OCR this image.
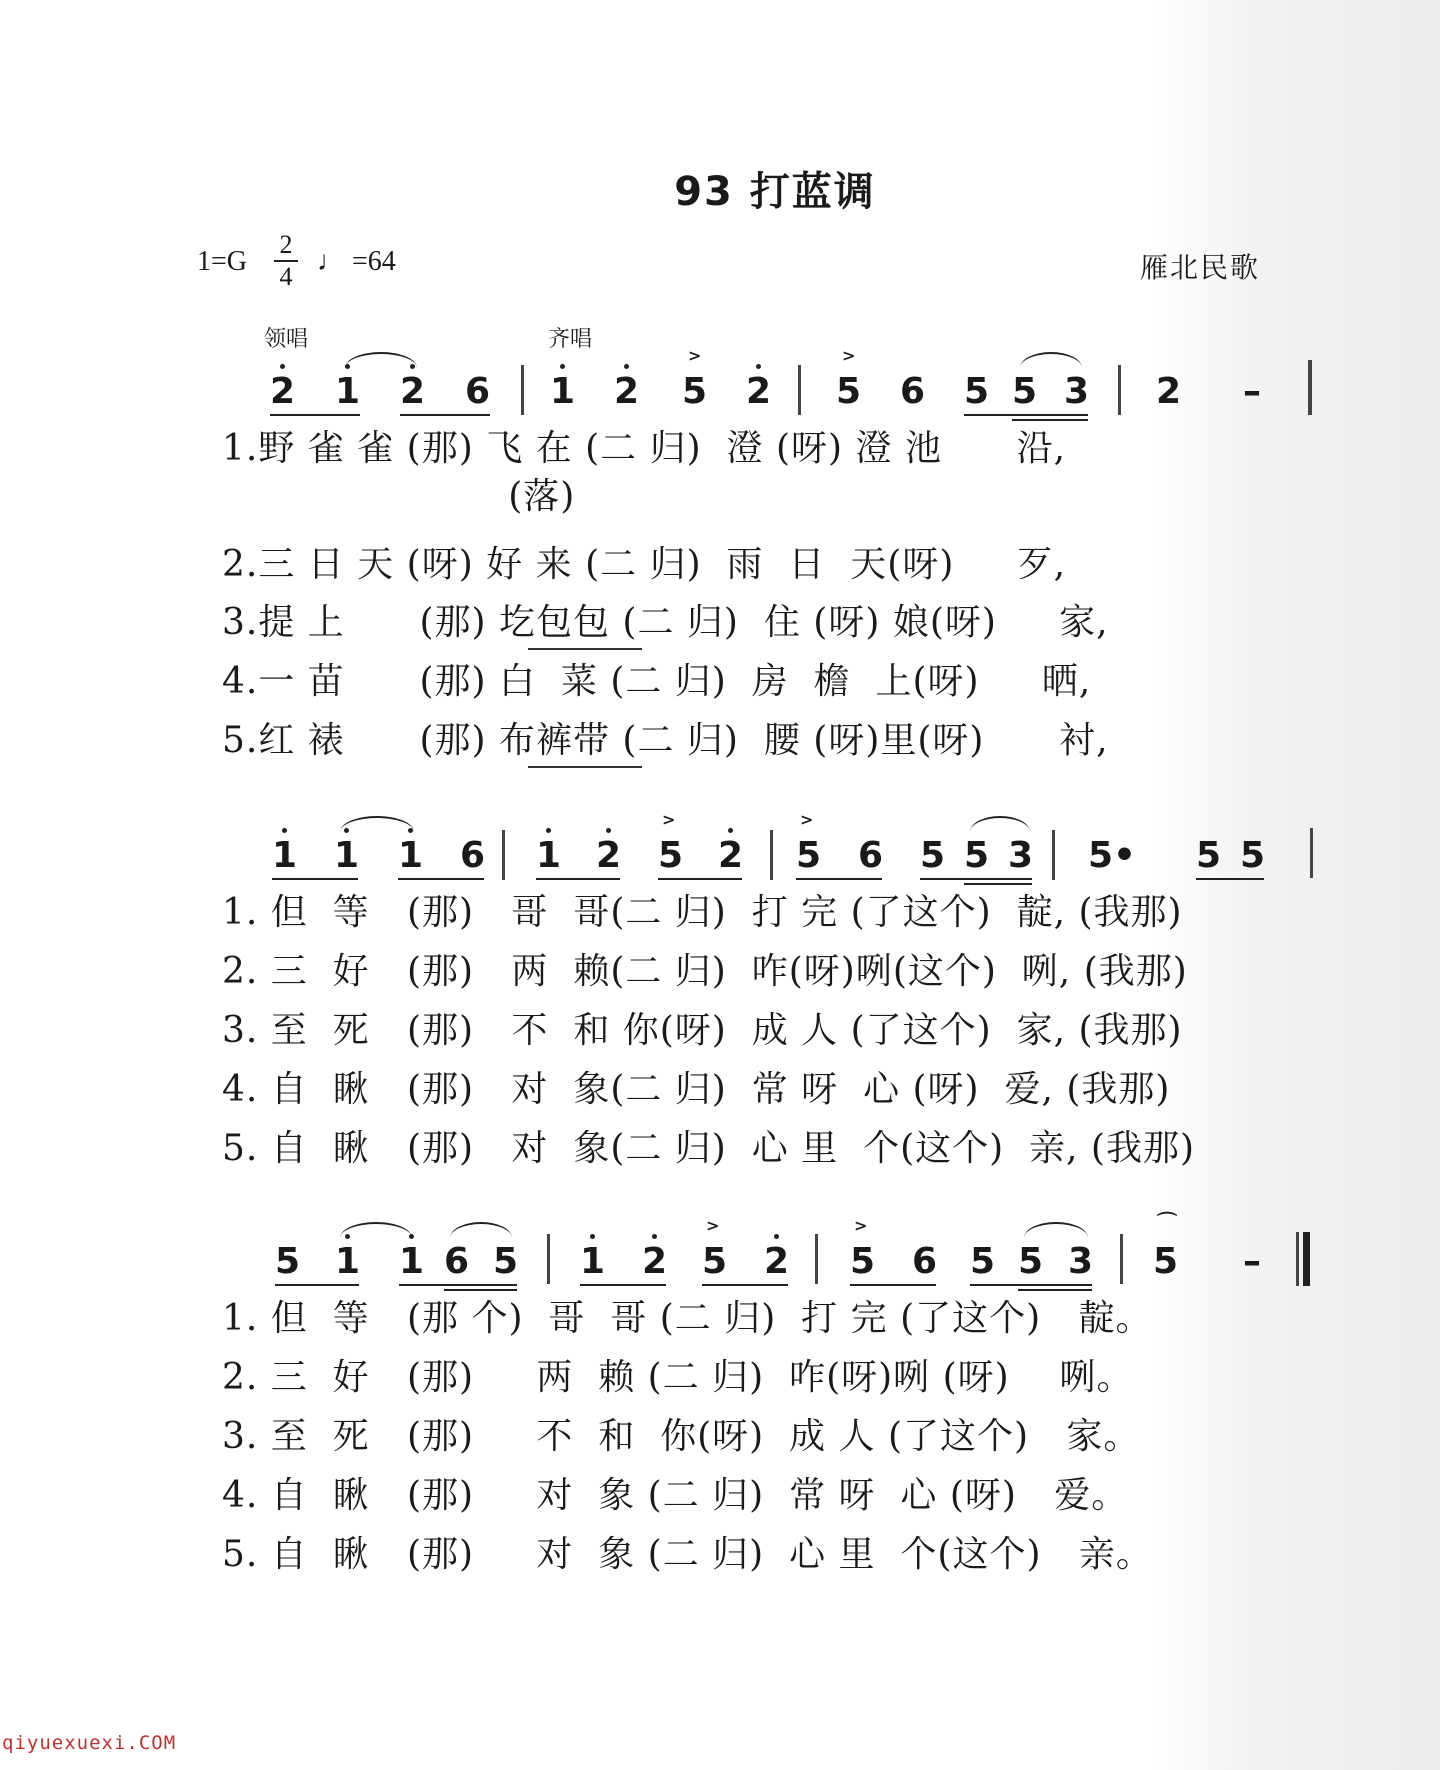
93 打蓝调
1=G
2
4 ♩ =64	雁北民歌
领唱	齐唱
2 1 2 6 1 2 5 2 5 6 5 5 3 2 –
>	>
1.野 雀 雀 (那) 飞 在 (二 归)  澄 (呀) 澄 池      沿,
(落)
2.三 日 天 (呀) 好 来 (二 归)  雨  日  天(呀)     歹,
3.提 上      (那) 圪包包 (二 归)  住 (呀) 娘(呀)     家,
4.一 苗      (那) 白  菜 (二 归)  房  檐  上(呀)     晒,
5.红 裱      (那) 布裤带 (二 归)  腰 (呀)里(呀)      衬,
1 1 1 6 1 2 5 2 5 6 5 5 3 5• 5 5
>	>
1. 但  等   (那)   哥  哥(二 归)  打 完 (了这个)  靛, (我那)
2. 三  好   (那)   两  赖(二 归)  咋(呀)咧(这个)  咧, (我那)
3. 至  死   (那)   不  和 你(呀)  成 人 (了这个)  家, (我那)
4. 自  瞅   (那)   对  象(二 归)  常 呀  心 (呀)  爱, (我那)
5. 自  瞅   (那)   对  象(二 归)  心 里  个(这个)  亲, (我那)
5 1 1 6 5 1 2 5 2 5 6 5 5 3 5 –
>	>	⌒
1. 但  等   (那 个)  哥  哥 (二 归)  打 完 (了这个)   靛。
2. 三  好   (那)     两  赖 (二 归)  咋(呀)咧 (呀)    咧。
3. 至  死   (那)     不  和  你(呀)  成 人 (了这个)   家。
4. 自  瞅   (那)     对  象 (二 归)  常 呀  心 (呀)   爱。
5. 自  瞅   (那)     对  象 (二 归)  心 里  个(这个)   亲。
qiyuexuexi.COM
